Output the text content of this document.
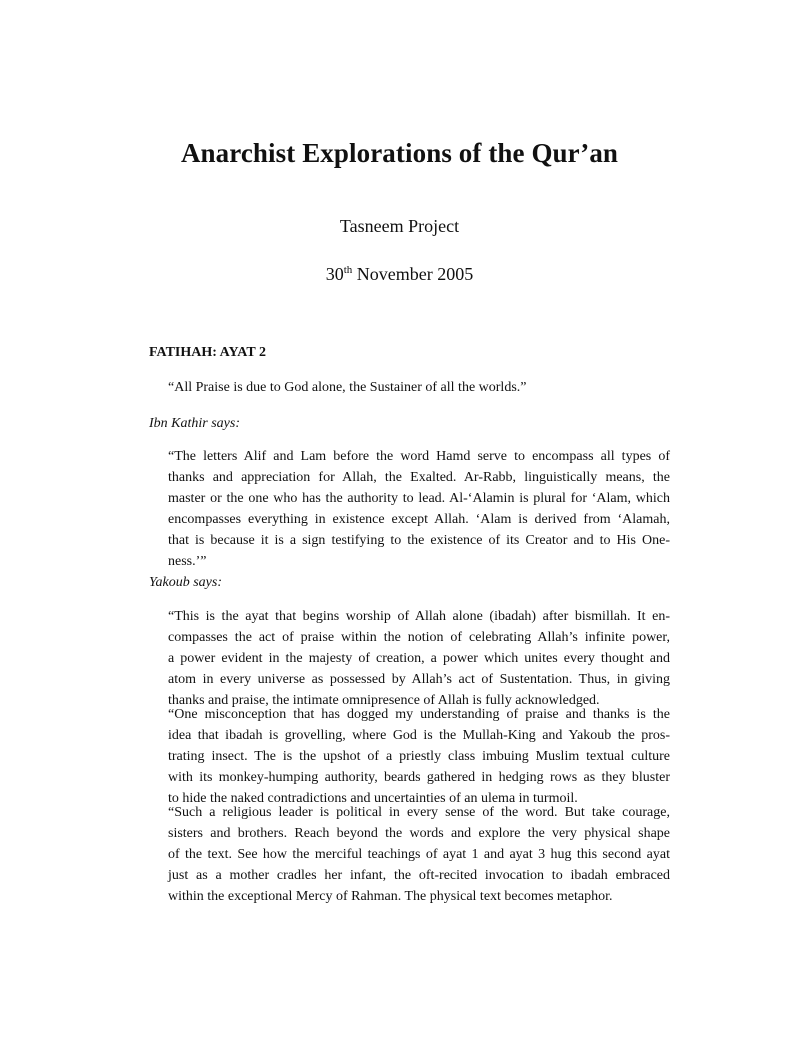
Anarchist Explorations of the Qur’an
Tasneem Project
30th November 2005
FATIHAH: AYAT 2

“All Praise is due to God alone, the Sustainer of all the worlds.”

Ibn Kathir says:

“The letters Alif and Lam before the word Hamd serve to encompass all types of
thanks and appreciation for Allah, the Exalted. Ar-Rabb, linguistically means, the
master or the one who has the authority to lead. Al-‘Alamin is plural for ‘Alam, which
encompasses everything in existence except Allah. ‘Alam is derived from ‘Alamah,
that is because it is a sign testifying to the existence of its Creator and to His One-
ness.’”

Yakoub says:

“This is the ayat that begins worship of Allah alone (ibadah) after bismillah. It en-
compasses the act of praise within the notion of celebrating Allah’s infinite power,
a power evident in the majesty of creation, a power which unites every thought and
atom in every universe as possessed by Allah’s act of Sustentation. Thus, in giving
thanks and praise, the intimate omnipresence of Allah is fully acknowledged.
“One misconception that has dogged my understanding of praise and thanks is the
idea that ibadah is grovelling, where God is the Mullah-King and Yakoub the pros-
trating insect. The is the upshot of a priestly class imbuing Muslim textual culture
with its monkey-humping authority, beards gathered in hedging rows as they bluster
to hide the naked contradictions and uncertainties of an ulema in turmoil.
“Such a religious leader is political in every sense of the word. But take courage,
sisters and brothers. Reach beyond the words and explore the very physical shape
of the text. See how the merciful teachings of ayat 1 and ayat 3 hug this second ayat
just as a mother cradles her infant, the oft-recited invocation to ibadah embraced
within the exceptional Mercy of Rahman. The physical text becomes metaphor.
